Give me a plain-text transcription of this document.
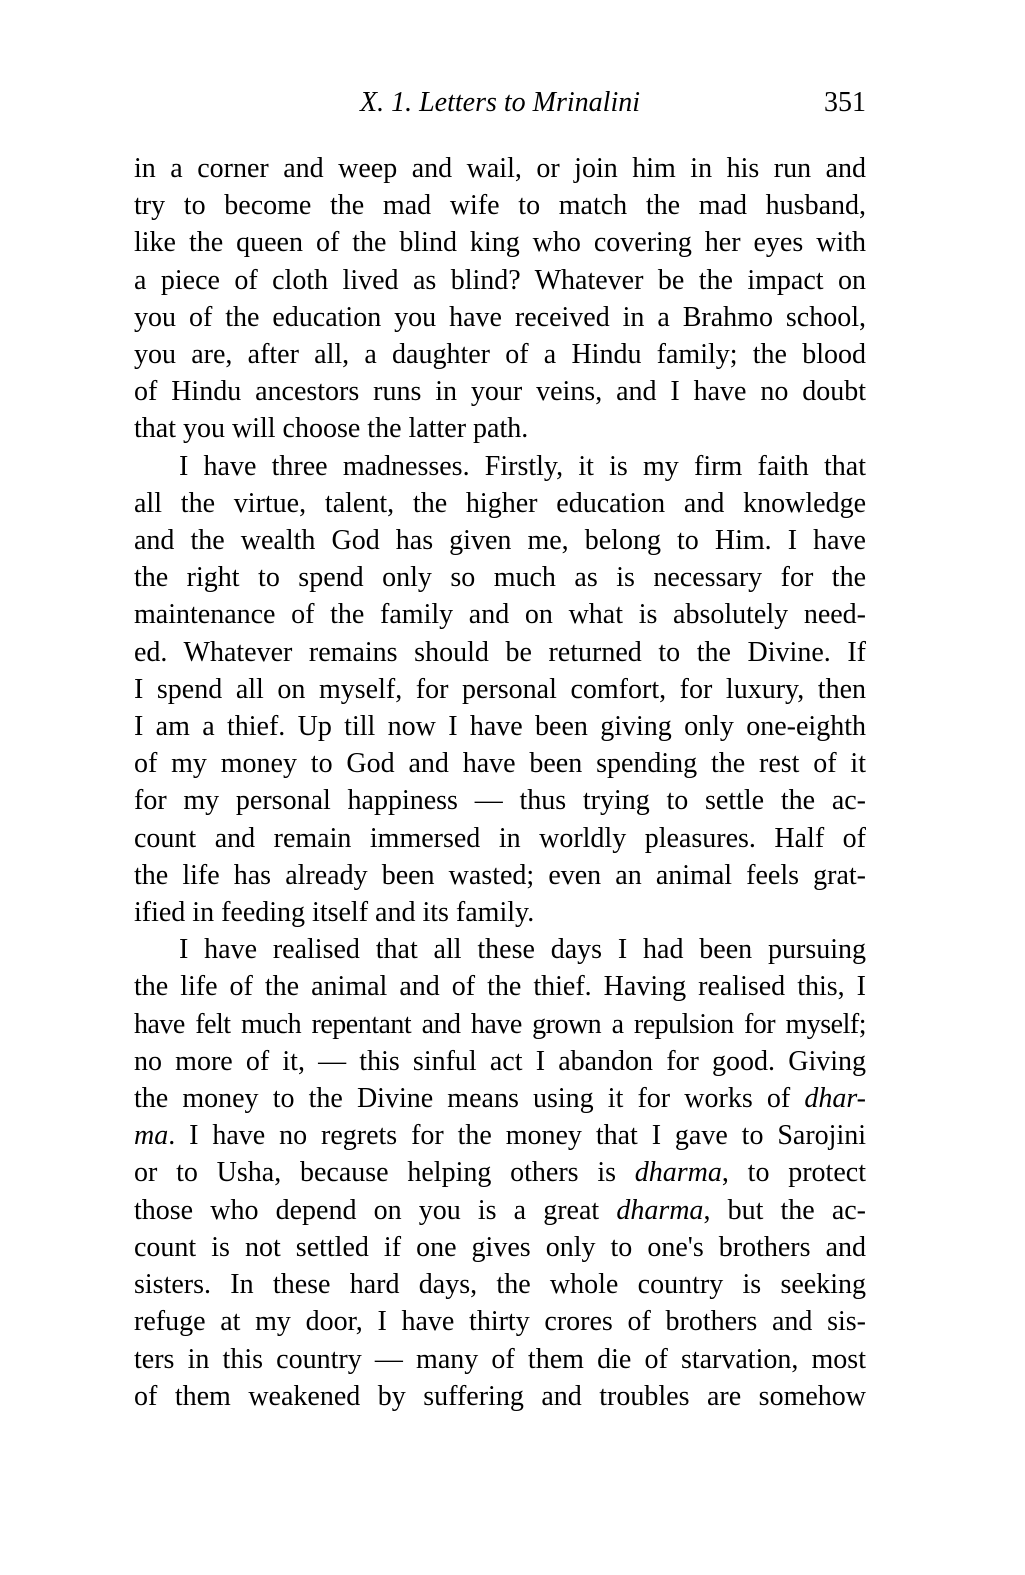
X. 1. Letters to Mrinalini	351
in a corner and weep and wail, or join him in his run and
try to become the mad wife to match the mad husband,
like the queen of the blind king who covering her eyes with
a piece of cloth lived as blind? Whatever be the impact on
you of the education you have received in a Brahmo school,
you are, after all, a daughter of a Hindu family; the blood
of Hindu ancestors runs in your veins, and I have no doubt
that you will choose the latter path.
I have three madnesses. Firstly, it is my firm faith that
all the virtue, talent, the higher education and knowledge
and the wealth God has given me, belong to Him. I have
the right to spend only so much as is necessary for the
maintenance of the family and on what is absolutely need-
ed. Whatever remains should be returned to the Divine. If
I spend all on myself, for personal comfort, for luxury, then
I am a thief. Up till now I have been giving only one-eighth
of my money to God and have been spending the rest of it
for my personal happiness — thus trying to settle the ac-
count and remain immersed in worldly pleasures. Half of
the life has already been wasted; even an animal feels grat-
ified in feeding itself and its family.
I have realised that all these days I had been pursuing
the life of the animal and of the thief. Having realised this, I
have felt much repentant and have grown a repulsion for myself;
no more of it, — this sinful act I abandon for good. Giving
the money to the Divine means using it for works of dhar-
ma. I have no regrets for the money that I gave to Sarojini
or to Usha, because helping others is dharma, to protect
those who depend on you is a great dharma, but the ac-
count is not settled if one gives only to one's brothers and
sisters. In these hard days, the whole country is seeking
refuge at my door, I have thirty crores of brothers and sis-
ters in this country — many of them die of starvation, most
of them weakened by suffering and troubles are somehow
